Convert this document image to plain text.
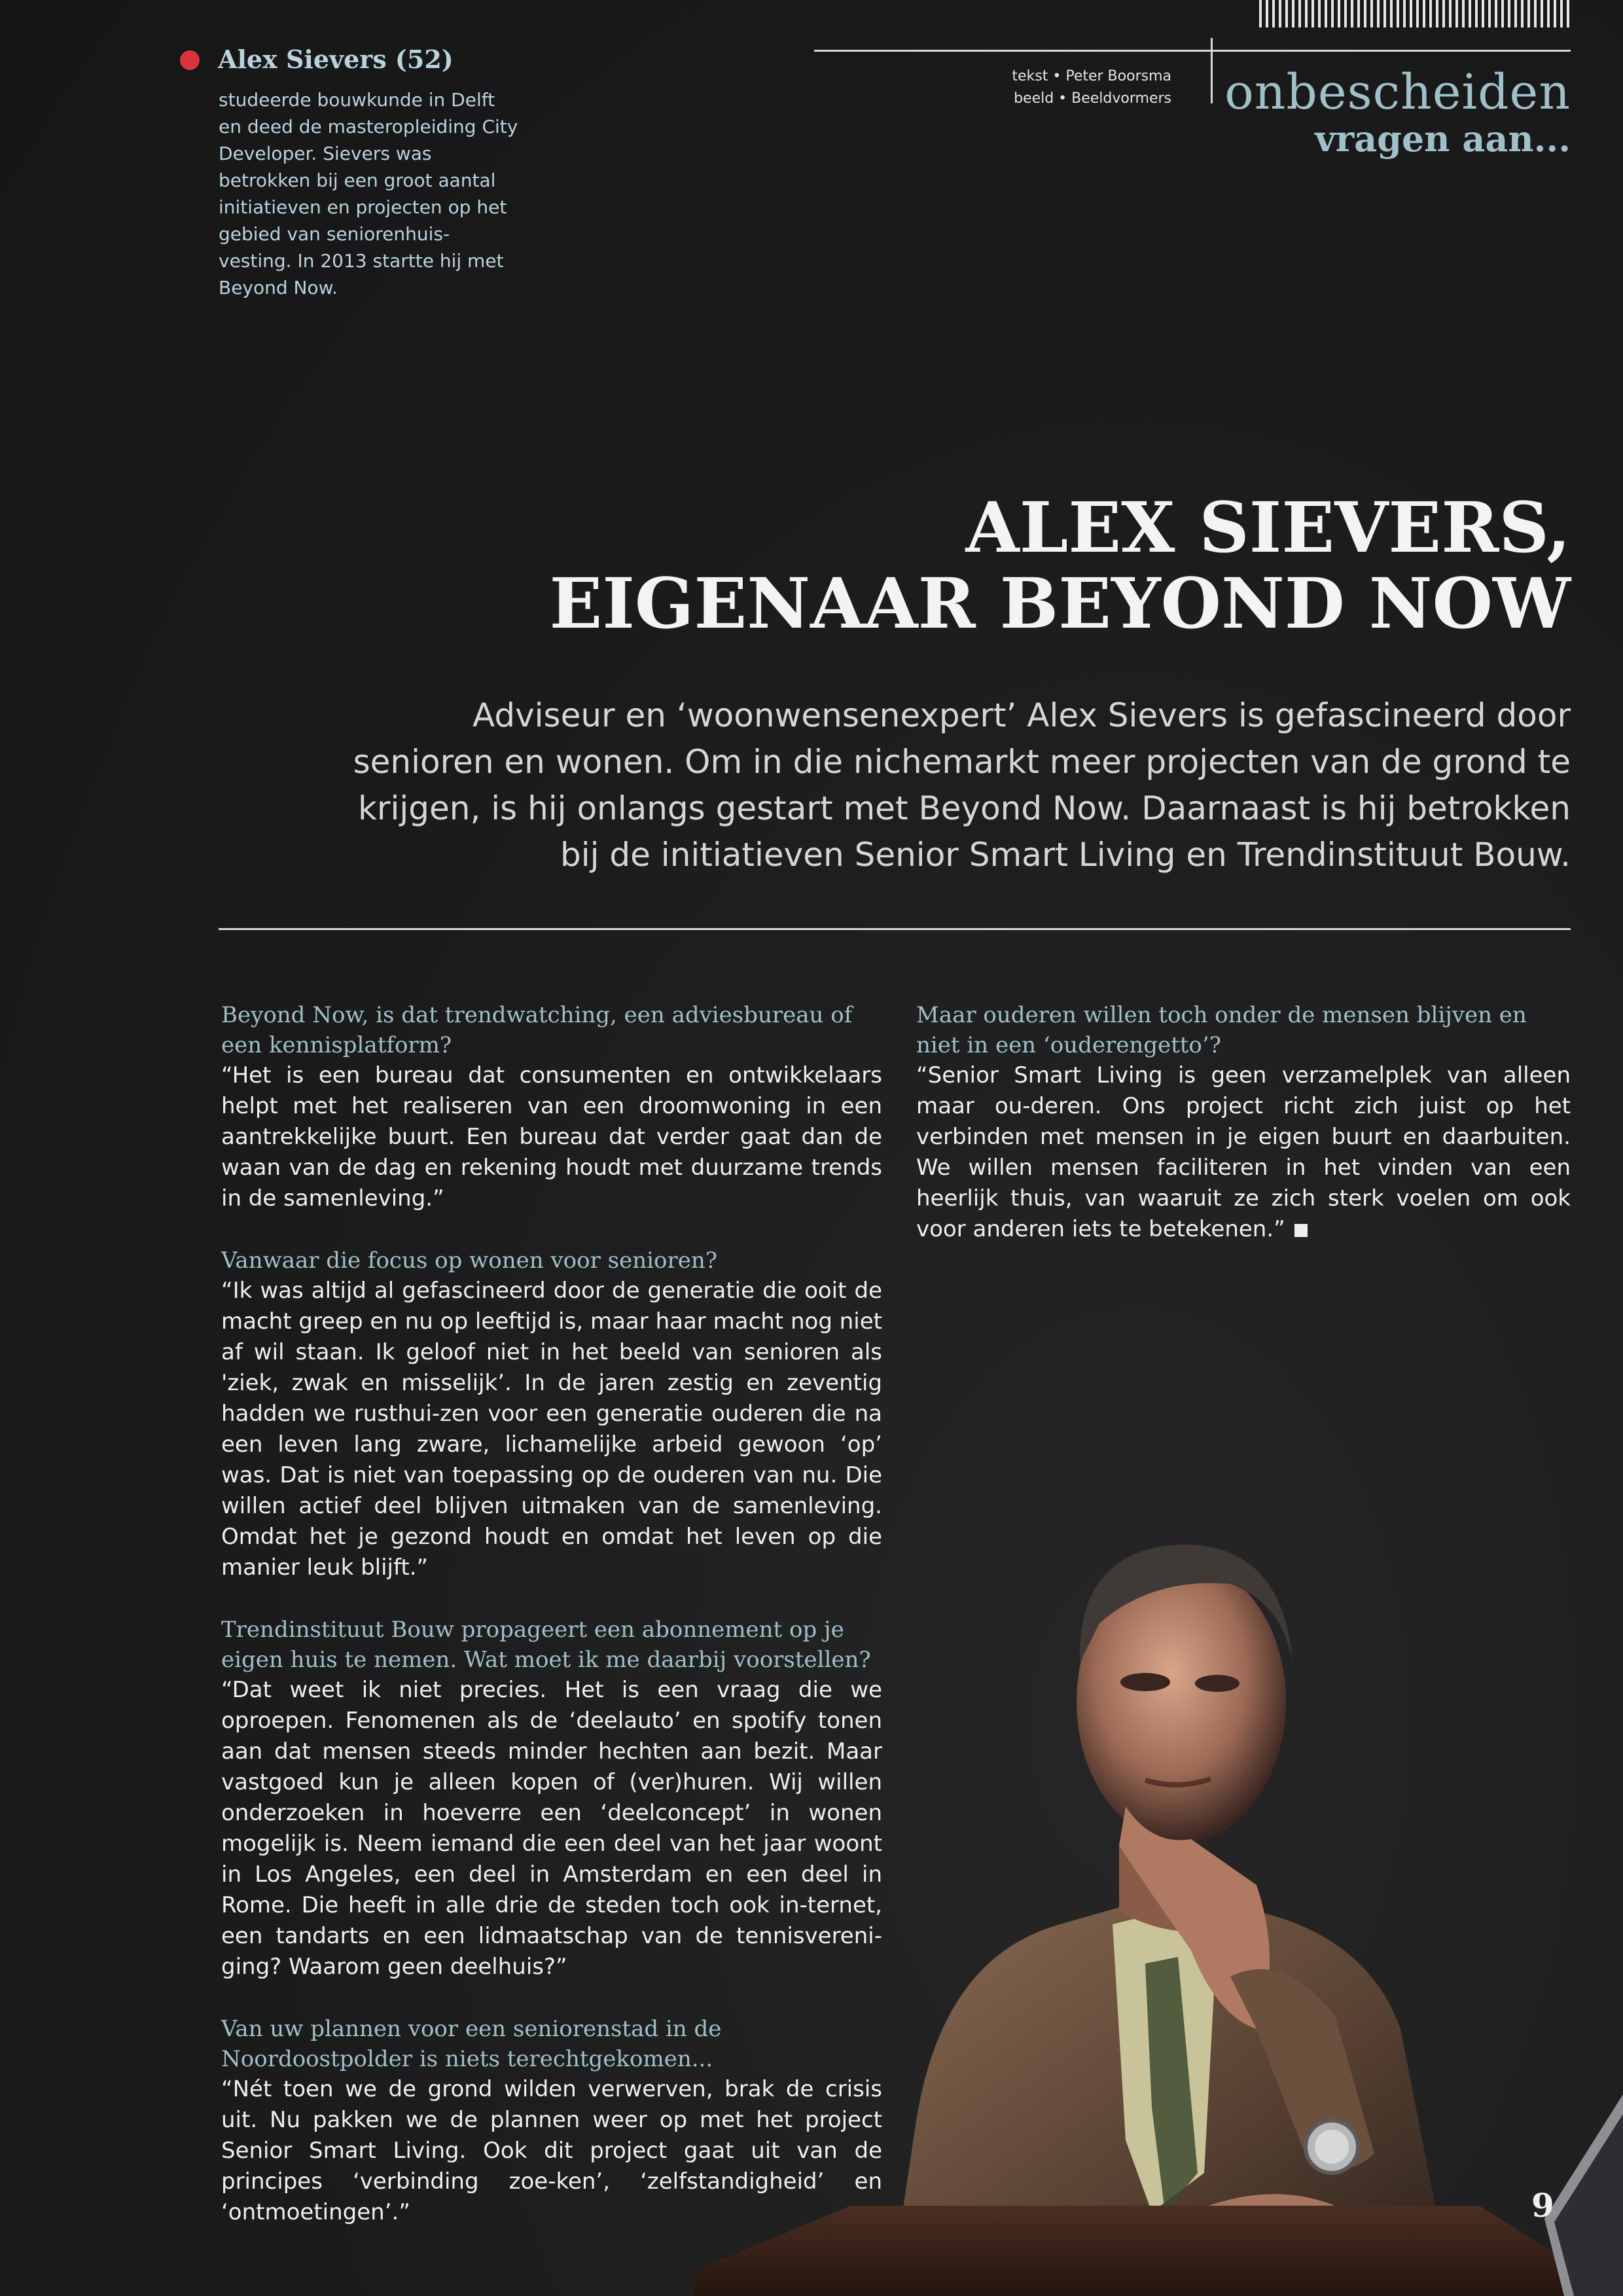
Alex Sievers (52)
studeerde bouwkunde in Delft en deed de masteropleiding City Developer. Sievers was betrokken bij een groot aantal initiatieven en projecten op het gebied van seniorenhuis-vesting. In 2013 startte hij met Beyond Now.
tekst • Peter Boorsma
beeld • Beeldvormers onbescheiden
vragen aan...
ALEX SIEVERS,
EIGENAAR BEYOND NOW
Adviseur en ‘woonwensenexpert’ Alex Sievers is gefascineerd door
senioren en wonen. Om in die nichemarkt meer projecten van de grond te
krijgen, is hij onlangs gestart met Beyond Now. Daarnaast is hij betrokken
bij de initiatieven Senior Smart Living en Trendinstituut Bouw.
Beyond Now, is dat trendwatching, een adviesbureau of een kennisplatform?
“Het is een bureau dat consumenten en ontwikkelaars helpt met het realiseren van een droomwoning in een aantrekkelijke buurt. Een bureau dat verder gaat dan de waan van de dag en rekening houdt met duurzame trends in de samenleving.”
Vanwaar die focus op wonen voor senioren?
“Ik was altijd al gefascineerd door de generatie die ooit de macht greep en nu op leeftijd is, maar haar macht nog niet af wil staan. Ik geloof niet in het beeld van senioren als 'ziek, zwak en misselijk’. In de jaren zestig en zeventig hadden we rusthui-zen voor een generatie ouderen die na een leven lang zware, lichamelijke arbeid gewoon ‘op’ was. Dat is niet van toepassing op de ouderen van nu. Die willen actief deel blijven uitmaken van de samenleving. Omdat het je gezond houdt en omdat het leven op die manier leuk blijft.”
Trendinstituut Bouw propageert een abonnement op je eigen huis te nemen. Wat moet ik me daarbij voorstellen?
“Dat weet ik niet precies. Het is een vraag die we oproepen. Fenomenen als de ‘deelauto’ en spotify tonen aan dat mensen steeds minder hechten aan bezit. Maar vastgoed kun je alleen kopen of (ver)huren. Wij willen onderzoeken in hoeverre een ‘deelconcept’ in wonen mogelijk is. Neem iemand die een deel van het jaar woont in Los Angeles, een deel in Amsterdam en een deel in Rome. Die heeft in alle drie de steden toch ook in-ternet, een tandarts en een lidmaatschap van de tennisvereni-ging? Waarom geen deelhuis?”
Van uw plannen voor een seniorenstad in de Noordoostpolder is niets terechtgekomen...
“Nét toen we de grond wilden verwerven, brak de crisis uit. Nu pakken we de plannen weer op met het project Senior Smart Living. Ook dit project gaat uit van de principes ‘verbinding zoe-ken’, ‘zelfstandigheid’ en ‘ontmoetingen’.”
Maar ouderen willen toch onder de mensen blijven en niet in een ‘ouderengetto’?
“Senior Smart Living is geen verzamelplek van alleen maar ou-deren. Ons project richt zich juist op het verbinden met mensen in je eigen buurt en daarbuiten. We willen mensen faciliteren in het vinden van een heerlijk thuis, van waaruit ze zich sterk voelen om ook voor anderen iets te betekenen.”
9
